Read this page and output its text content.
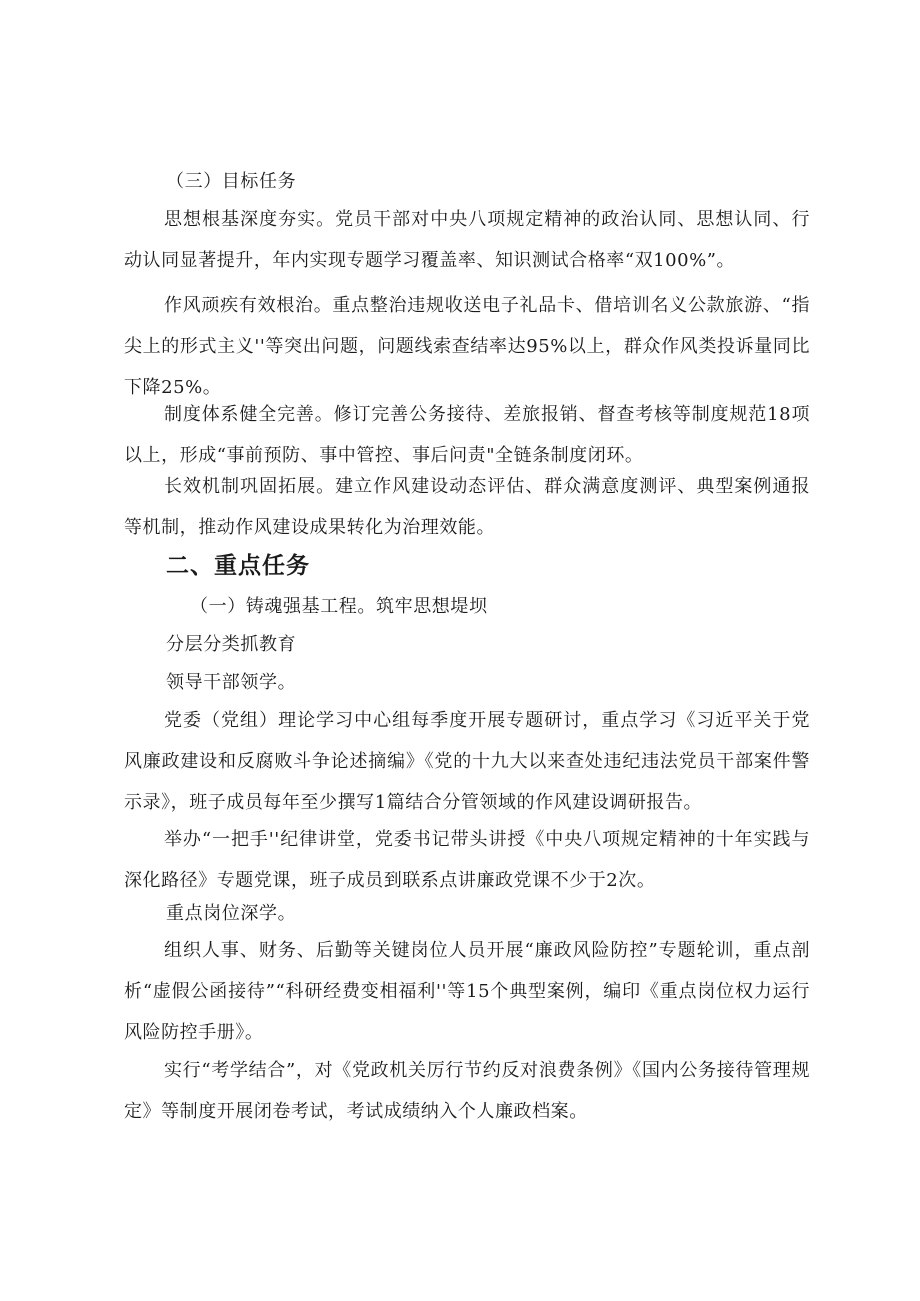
（三）目标任务
思想根基深度夯实。党员干部对中央八项规定精神的政治认同、思想认同、行动认同显著提升，年内实现专题学习覆盖率、知识测试合格率“双100%”。
作风顽疾有效根治。重点整治违规收送电子礼品卡、借培训名义公款旅游、“指尖上的形式主义''等突出问题，问题线索查结率达95%以上，群众作风类投诉量同比下降25%。
制度体系健全完善。修订完善公务接待、差旅报销、督查考核等制度规范18项以上，形成“事前预防、事中管控、事后问责"全链条制度闭环。
长效机制巩固拓展。建立作风建设动态评估、群众满意度测评、典型案例通报等机制，推动作风建设成果转化为治理效能。
二、重点任务
（一）铸魂强基工程。筑牢思想堤坝
分层分类抓教育
领导干部领学。
党委（党组）理论学习中心组每季度开展专题研讨，重点学习《习近平关于党风廉政建设和反腐败斗争论述摘编》《党的十九大以来查处违纪违法党员干部案件警示录》，班子成员每年至少撰写1篇结合分管领域的作风建设调研报告。
举办“一把手''纪律讲堂，党委书记带头讲授《中央八项规定精神的十年实践与深化路径》专题党课，班子成员到联系点讲廉政党课不少于2次。
重点岗位深学。
组织人事、财务、后勤等关键岗位人员开展“廉政风险防控”专题轮训，重点剖析“虚假公函接待”“科研经费变相福利''等15个典型案例，编印《重点岗位权力运行风险防控手册》。
实行“考学结合”，对《党政机关厉行节约反对浪费条例》《国内公务接待管理规定》等制度开展闭卷考试，考试成绩纳入个人廉政档案。
